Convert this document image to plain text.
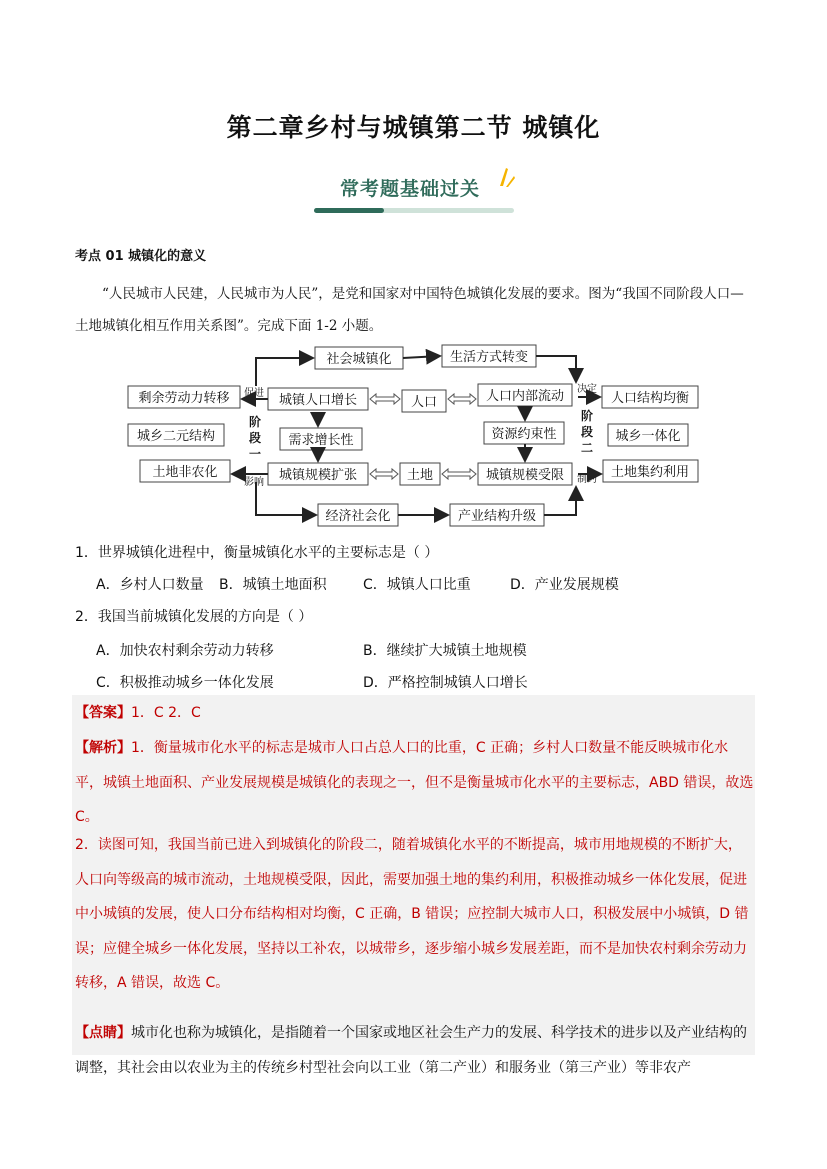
第二章乡村与城镇第二节 城镇化
常考题基础过关
考点 01 城镇化的意义
“人民城市人民建，人民城市为人民”，是党和国家对中国特色城镇化发展的要求。图为“我国不同阶段人口—土地城镇化相互作用关系图”。完成下面 1-2 小题。
社会城镇化	生活方式转变
剩余劳动力转移
城乡二元结构
土地非农化
城镇人口增长
需求增长性
城镇规模扩张
人口
土地
人口内部流动
资源约束性
城镇规模受限
人口结构均衡
城乡一体化
土地集约利用
经济社会化	产业结构升级
阶
段
一
阶
段
二
促进	决定
影响	制约
1．世界城镇化进程中，衡量城镇化水平的主要标志是（ ）
A．乡村人口数量 B．城镇土地面积	C．城镇人口比重	D．产业发展规模
2．我国当前城镇化发展的方向是（ ）
A．加快农村剩余劳动力转移	B．继续扩大城镇土地规模
C．积极推动城乡一体化发展	D．严格控制城镇人口增长
【答案】1．C 2．C
【解析】1．衡量城市化水平的标志是城市人口占总人口的比重，C 正确；乡村人口数量不能反映城市化水平，城镇土地面积、产业发展规模是城镇化的表现之一，但不是衡量城市化水平的主要标志，ABD 错误，故选 C。
2．读图可知，我国当前已进入到城镇化的阶段二，随着城镇化水平的不断提高，城市用地规模的不断扩大，人口向等级高的城市流动，土地规模受限，因此，需要加强土地的集约利用，积极推动城乡一体化发展，促进中小城镇的发展，使人口分布结构相对均衡，C 正确，B 错误；应控制大城市人口，积极发展中小城镇，D 错误；应健全城乡一体化发展，坚持以工补农，以城带乡，逐步缩小城乡发展差距，而不是加快农村剩余劳动力转移，A 错误，故选 C。
【点睛】城市化也称为城镇化，是指随着一个国家或地区社会生产力的发展、科学技术的进步以及产业结构的调整，其社会由以农业为主的传统乡村型社会向以工业（第二产业）和服务业（第三产业）等非农产
